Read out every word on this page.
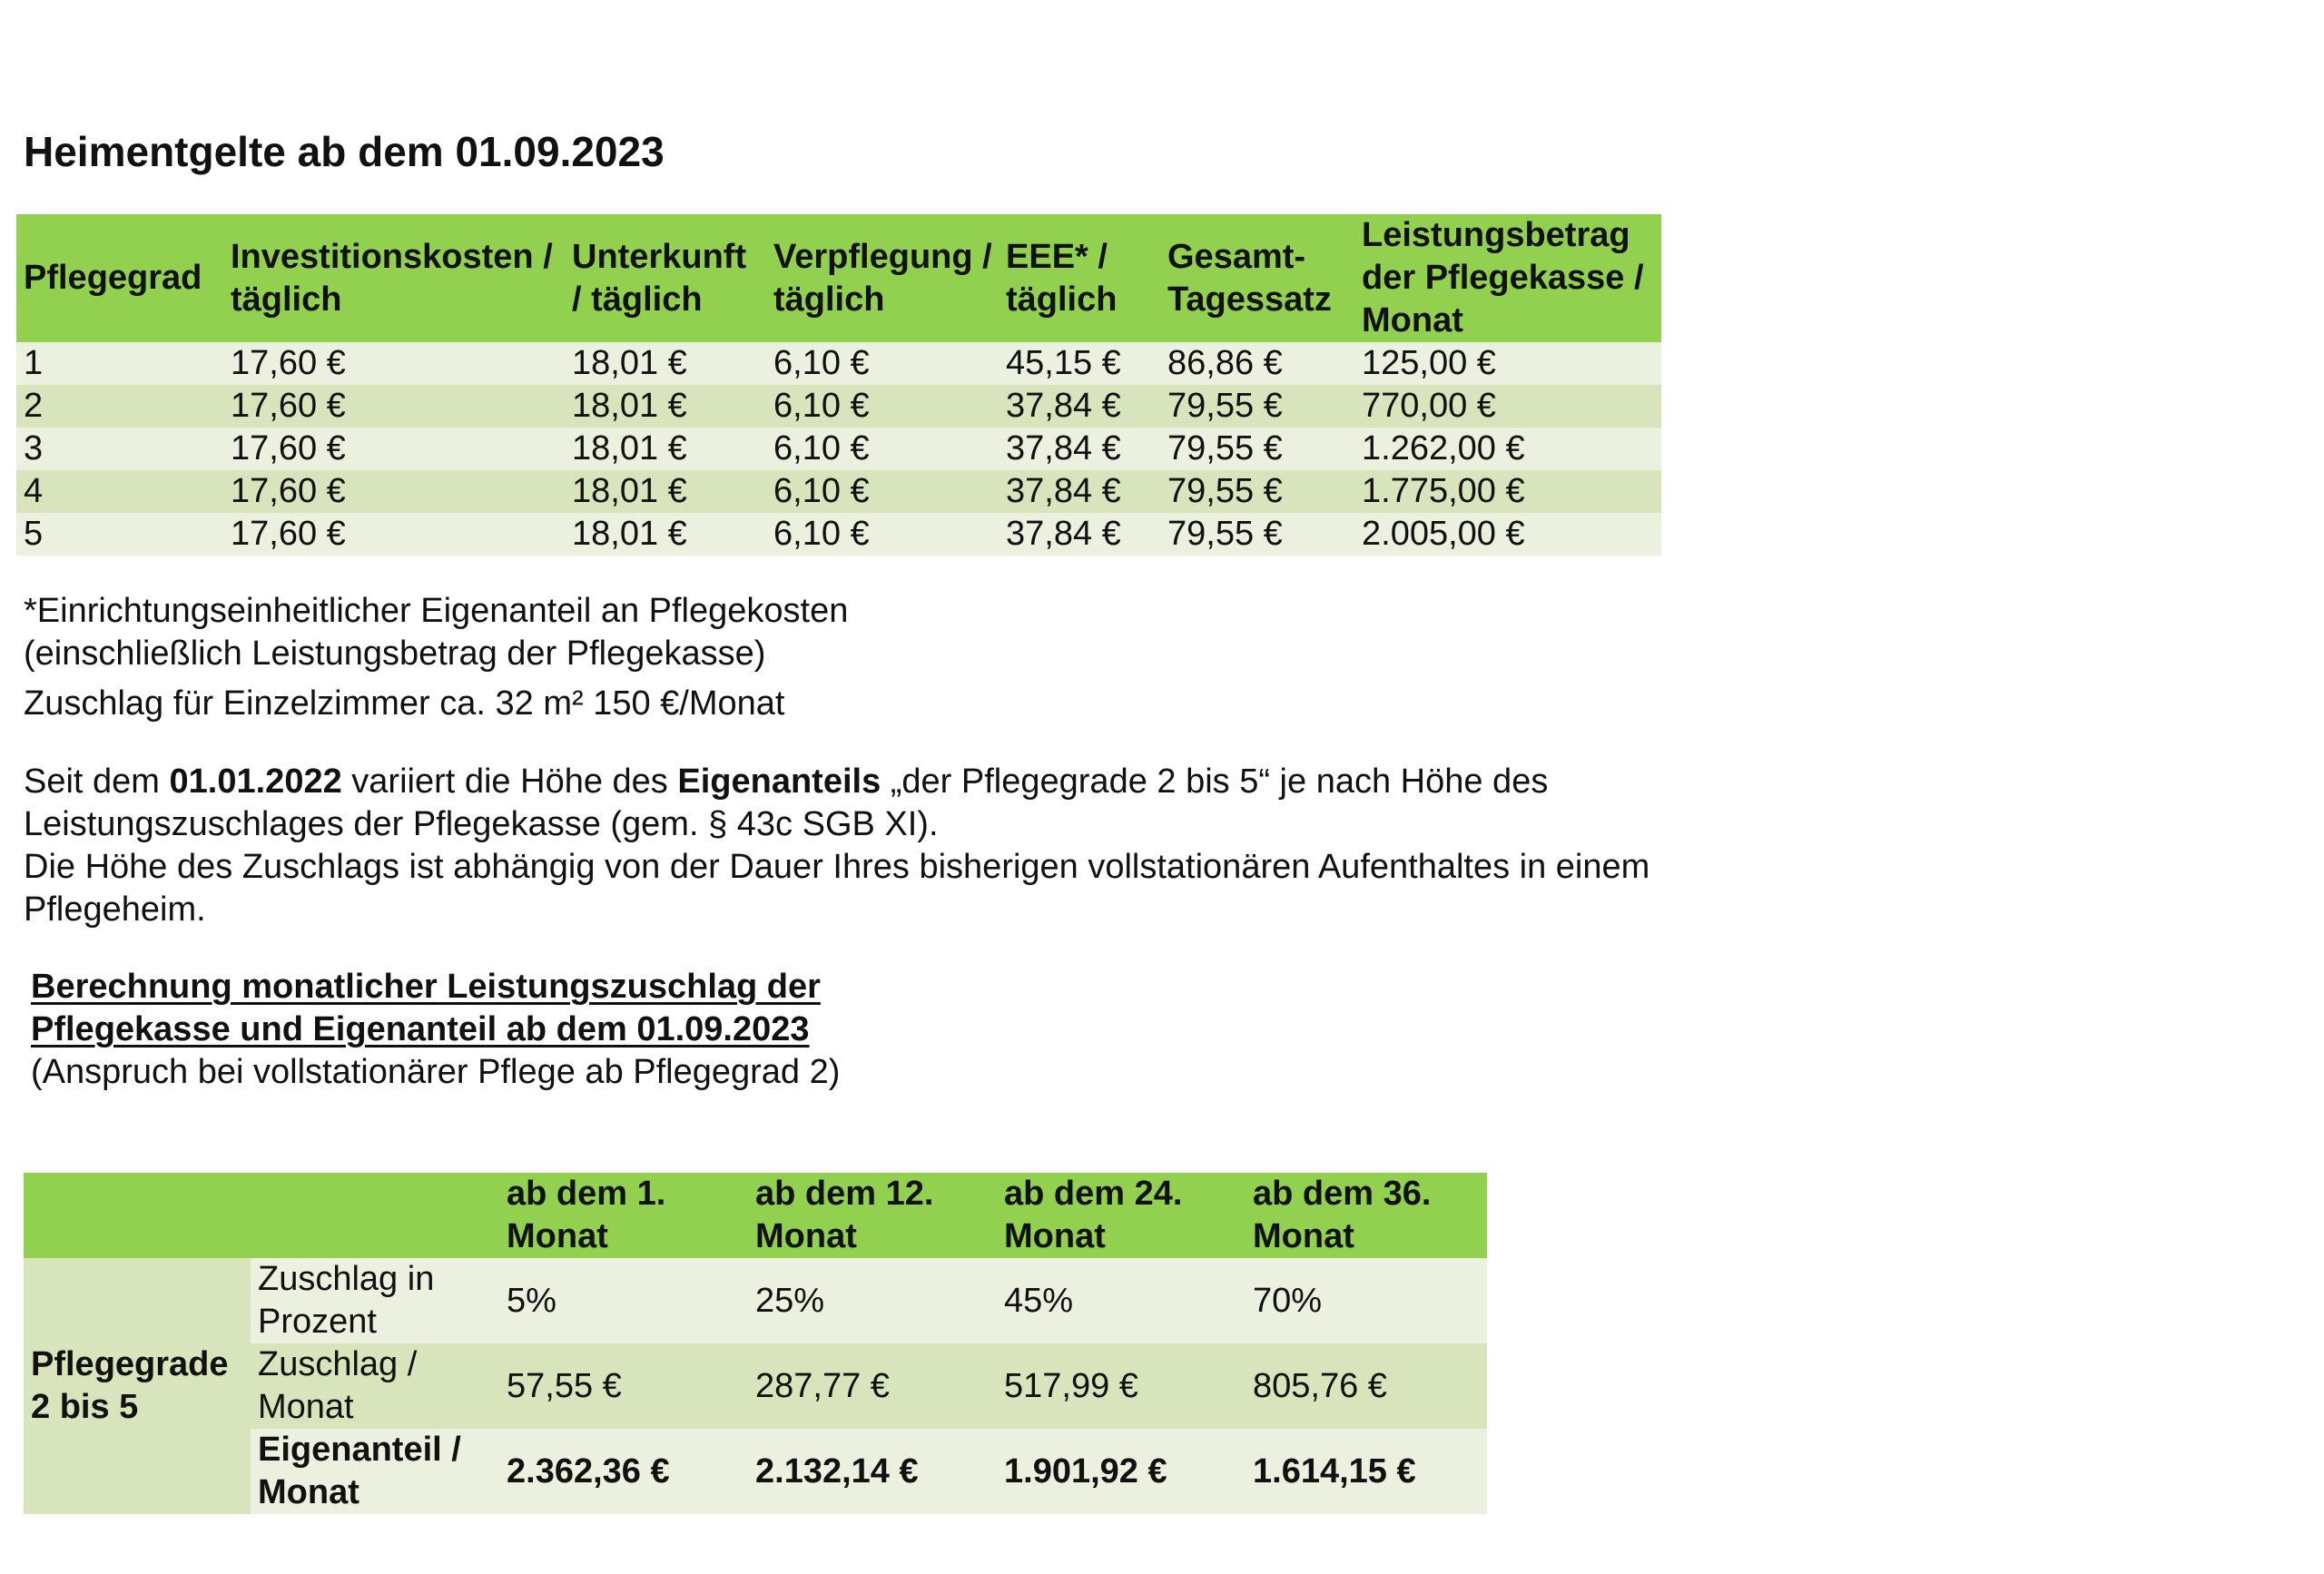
Heimentgelte ab dem 01.09.2023
Pflegegrad	Investitionskosten / täglich	Unterkunft / täglich	Verpflegung / täglich	EEE* / täglich	Gesamt-Tagessatz	Leistungsbetrag der Pflegekasse / Monat
1	17,60 €	18,01 €	6,10 €	45,15 €	86,86 €	125,00 €
2	17,60 €	18,01 €	6,10 €	37,84 €	79,55 €	770,00 €
3	17,60 €	18,01 €	6,10 €	37,84 €	79,55 €	1.262,00 €
4	17,60 €	18,01 €	6,10 €	37,84 €	79,55 €	1.775,00 €
5	17,60 €	18,01 €	6,10 €	37,84 €	79,55 €	2.005,00 €

*Einrichtungseinheitlicher Eigenanteil an Pflegekosten

(einschließlich Leistungsbetrag der Pflegekasse)

Zuschlag für Einzelzimmer ca. 32 m² 150 €/Monat

Seit dem 01.01.2022 variiert die Höhe des Eigenanteils „der Pflegegrade 2 bis 5“ je nach Höhe des Leistungszuschlages der Pflegekasse (gem. § 43c SGB XI).
Die Höhe des Zuschlags ist abhängig von der Dauer Ihres bisherigen vollstationären Aufenthaltes in einem Pflegeheim.
Berechnung monatlicher Leistungszuschlag der Pflegekasse und Eigenanteil ab dem 01.09.2023
(Anspruch bei vollstationärer Pflege ab Pflegegrad 2)
		ab dem 1. Monat	ab dem 12. Monat	ab dem 24. Monat	ab dem 36. Monat
Pflegegrade 2 bis 5	Zuschlag in Prozent	5%	25%	45%	70%
	Zuschlag / Monat	57,55 €	287,77 €	517,99 €	805,76 €
	Eigenanteil / Monat	2.362,36 €	2.132,14 €	1.901,92 €	1.614,15 €
